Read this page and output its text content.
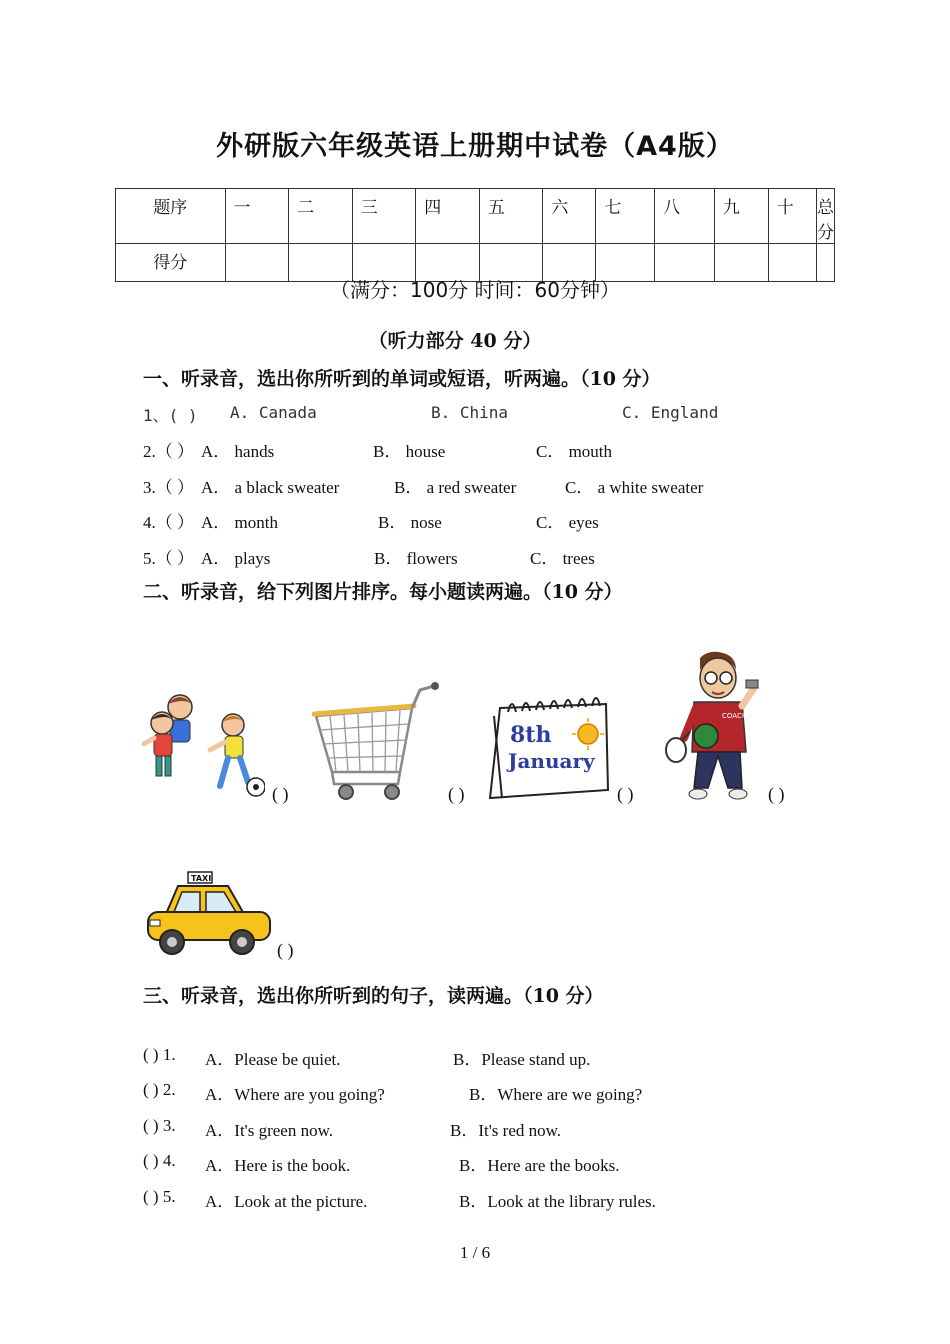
外研版六年级英语上册期中试卷（A4版）
题序	一	二	三	四	五	六	七	八	九	十	总分

得分											

（满分：100分 时间：60分钟）
（听力部分 40 分）
一、听录音，选出你所听到的单词或短语，听两遍。（10 分）
1、( ) A. Canada	B. China	C. England
2.（ ） A． hands	B． house	C． mouth
3.（ ） A． a black sweater	B． a red sweater	C． a white sweater
4.（ ） A． month	B． nose	C． eyes
5.（ ） A． plays	B． flowers	C． trees
二、听录音，给下列图片排序。每小题读两遍。（10 分）
( )	( )
8th
January
( )
COACH
( )
TAXI
( )
三、听录音，选出你所听到的句子，读两遍。（10 分）
( ) 1. A．Please be quiet.	B．Please stand up.
( ) 2. A．Where are you going?	B．Where are we going?
( ) 3. A．It's green now.	B．It's red now.
( ) 4. A．Here is the book.	B．Here are the books.
( ) 5. A．Look at the picture.	B．Look at the library rules.
1 / 6
